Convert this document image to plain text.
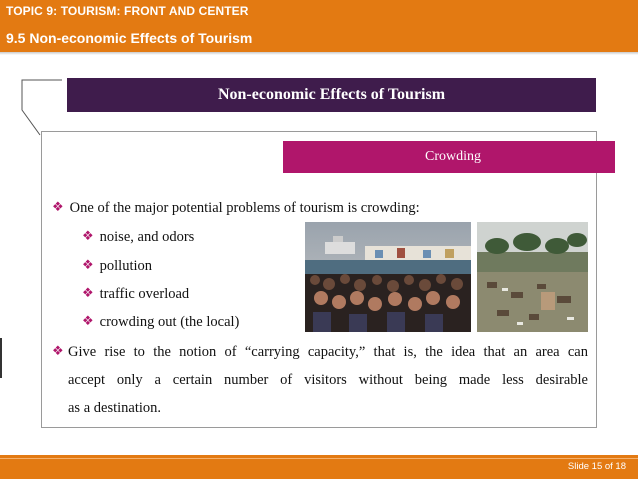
TOPIC 9: TOURISM: FRONT AND CENTER
9.5 Non-economic Effects of Tourism
Non-economic Effects of Tourism
Crowding
❖ One of the major potential problems of tourism is crowding:
❖ noise, and odors
❖ pollution
❖ traffic overload
❖ crowding out (the local)
❖ Give rise to the notion of “carrying capacity,” that is, the idea that an area can
accept only a certain number of visitors without being made less desirable
as a destination.
Slide 15 of 18
